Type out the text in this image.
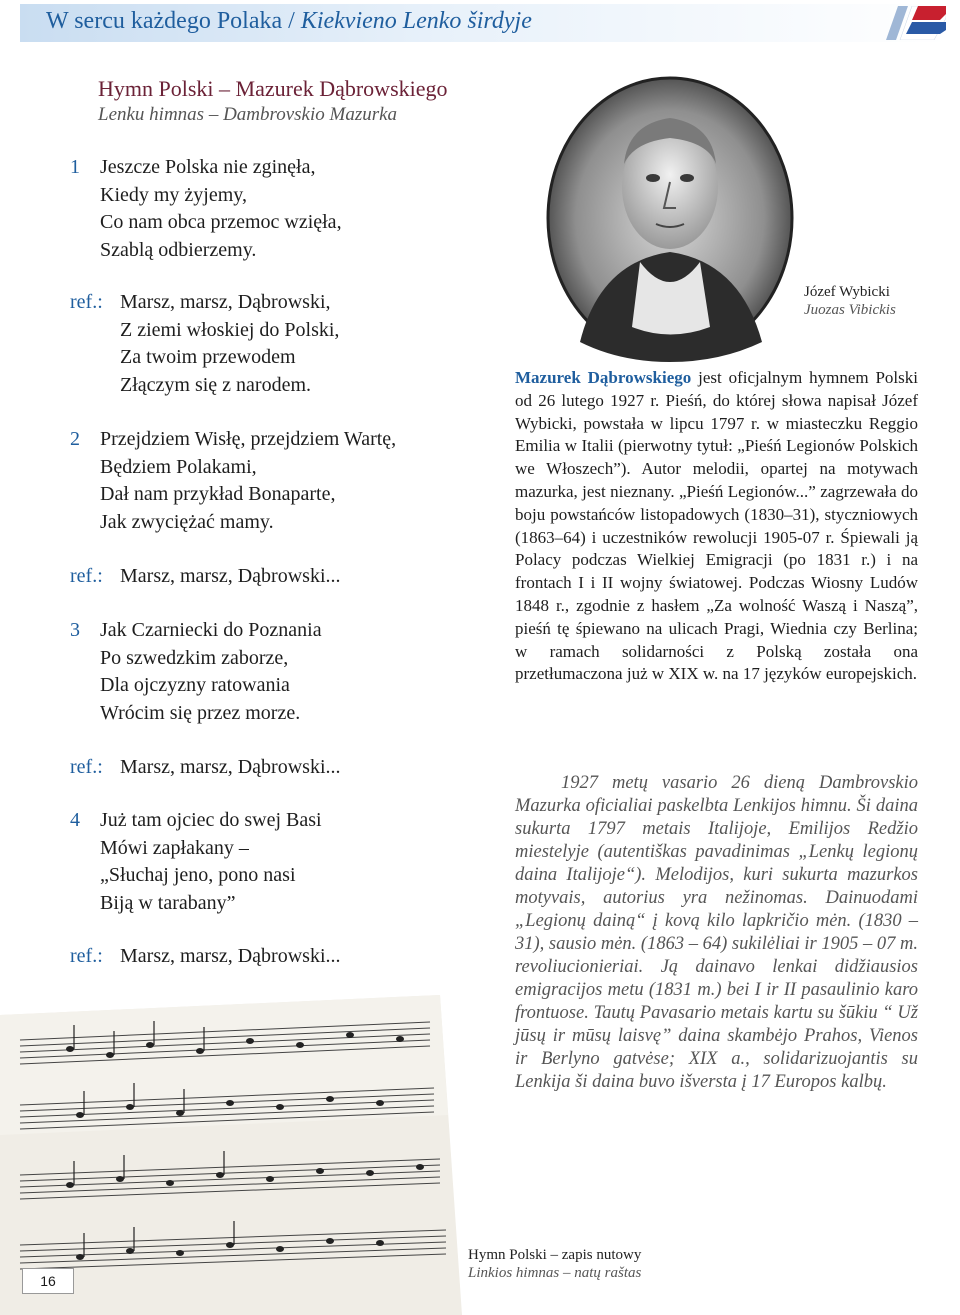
W sercu każdego Polaka / Kiekvieno Lenko širdyje
Hymn Polski – Mazurek Dąbrowskiego
Lenku himnas – Dambrovskio Mazurka
1 Jeszcze Polska nie zginęła,
Kiedy my żyjemy,
Co nam obca przemoc wzięła,
Szablą odbierzemy.
ref.: Marsz, marsz, Dąbrowski,
Z ziemi włoskiej do Polski,
Za twoim przewodem
Złączym się z narodem.
2 Przejdziem Wisłę, przejdziem Wartę,
Będziem Polakami,
Dał nam przykład Bonaparte,
Jak zwyciężać mamy.
ref.: Marsz, marsz, Dąbrowski...
3 Jak Czarniecki do Poznania
Po szwedzkim zaborze,
Dla ojczyzny ratowania
Wrócim się przez morze.
ref.: Marsz, marsz, Dąbrowski...
4 Już tam ojciec do swej Basi
Mówi zapłakany –
„Słuchaj jeno, pono nasi
Biją w tarabany”
ref.: Marsz, marsz, Dąbrowski...
Józef Wybicki
Juozas Vibickis
Mazurek Dąbrowskiego jest oficjalnym hymnem Polski od 26 lutego 1927 r. Pieśń, do której słowa napisał Józef Wybicki, powstała w lipcu 1797 r. w miasteczku Reggio Emilia w Italii (pierwotny tytuł: „Pieśń Legionów Polskich we Włoszech”). Autor melodii, opartej na motywach mazurka, jest nieznany. „Pieśń Legionów...” zagrzewała do boju powstańców listopadowych (1830–31), styczniowych (1863–64) i uczestników rewolucji 1905-07 r. Śpiewali ją Polacy podczas Wielkiej Emigracji (po 1831 r.) i na frontach I i II wojny światowej. Podczas Wiosny Ludów 1848 r., zgodnie z hasłem „Za wolność Waszą i Naszą”, pieśń tę śpiewano na ulicach Pragi, Wiednia czy Berlina; w ramach solidarności z Polską została ona przetłumaczona już w XIX w. na 17 języków europejskich.
1927 metų vasario 26 dieną Dambrovskio Mazurka oficialiai paskelbta Lenkijos himnu. Ši daina sukurta 1797 metais Italijoje, Emilijos Redžio miestelyje (autentiškas pavadinimas „Lenkų legionų daina Italijoje“). Melodijos, kuri sukurta mazurkos motyvais, autorius yra nežinomas. Dainuodami „Legionų dainą“ į kovą kilo lapkričio mėn. (1830 – 31), sausio mėn. (1863 – 64) sukilėliai ir 1905 – 07 m. revoliucionieriai. Ją dainavo lenkai didžiausios emigracijos metu (1831 m.) bei I ir II pasaulinio karo frontuose. Tautų Pavasario metais kartu su šūkiu “ Už jūsų ir mūsų laisvę” daina skambėjo Prahos, Vienos ir Berlyno gatvėse; XIX a., solidarizuojantis su Lenkija ši daina buvo išversta į 17 Europos kalbų.
16
Hymn Polski – zapis nutowy
Linkios himnas – natų raštas
